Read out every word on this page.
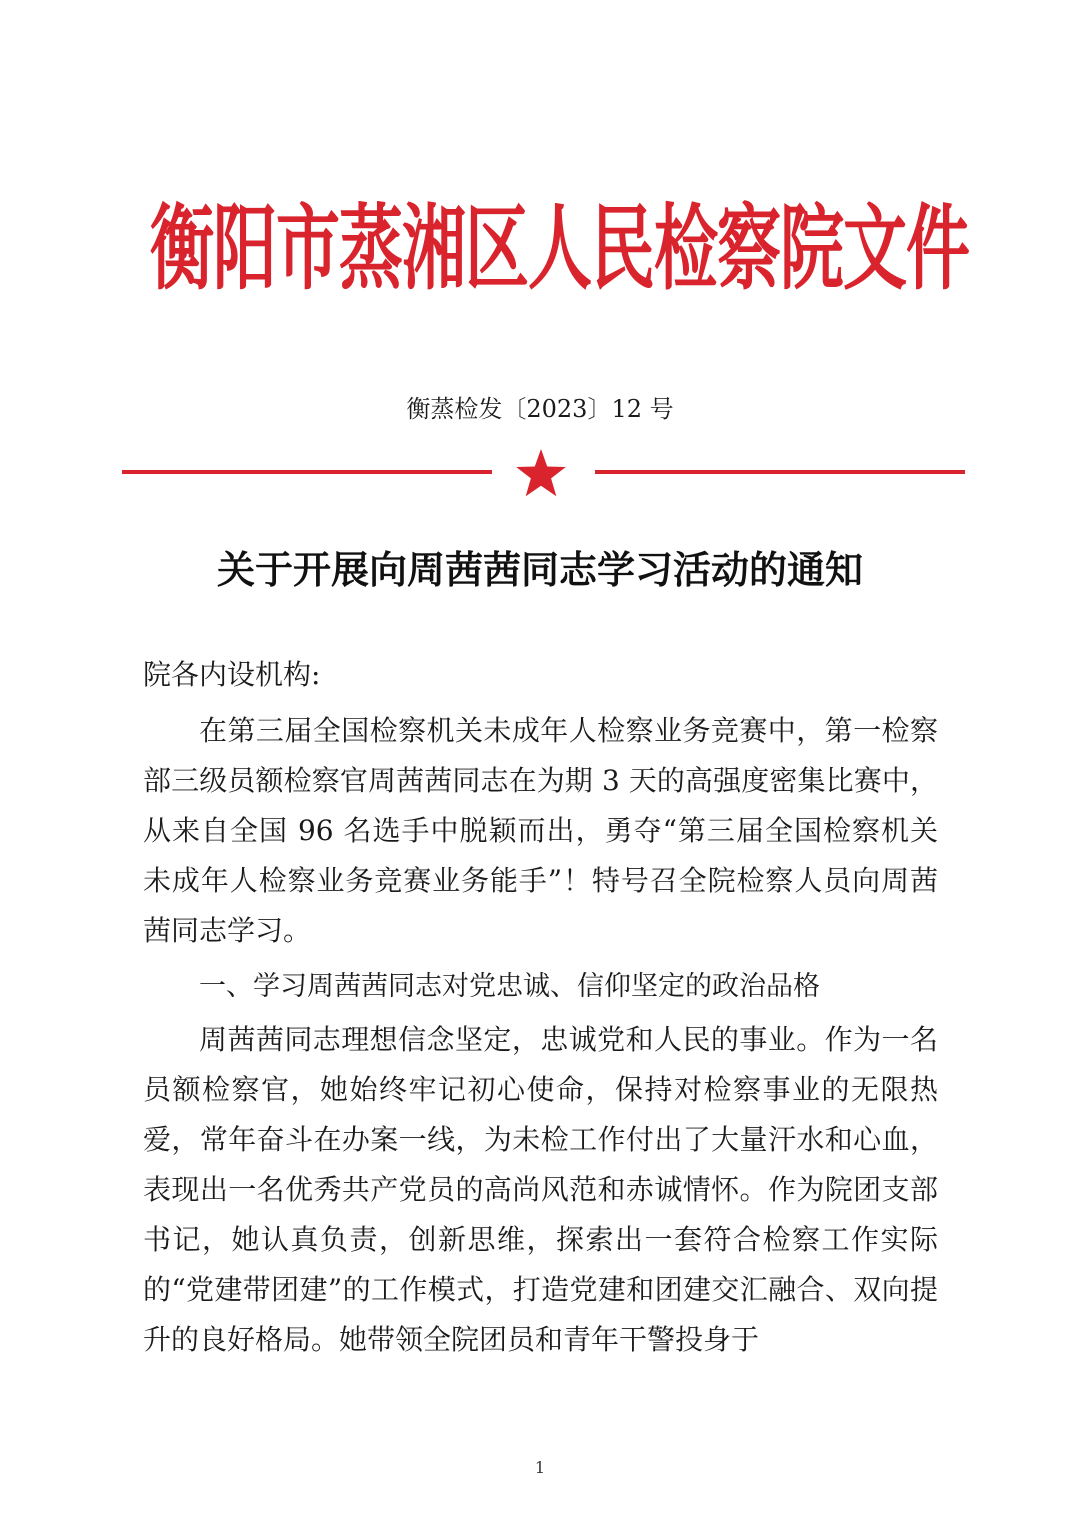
衡阳市蒸湘区人民检察院文件
衡蒸检发〔2023〕12 号
关于开展向周茜茜同志学习活动的通知
院各内设机构:

在第三届全国检察机关未成年人检察业务竞赛中，第一检察部三级员额检察官周茜茜同志在为期 3 天的高强度密集比赛中，从来自全国 96 名选手中脱颖而出，勇夺“第三届全国检察机关未成年人检察业务竞赛业务能手”！特号召全院检察人员向周茜茜同志学习。

一、学习周茜茜同志对党忠诚、信仰坚定的政治品格

周茜茜同志理想信念坚定，忠诚党和人民的事业。作为一名员额检察官，她始终牢记初心使命，保持对检察事业的无限热爱，常年奋斗在办案一线，为未检工作付出了大量汗水和心血，表现出一名优秀共产党员的高尚风范和赤诚情怀。作为院团支部书记，她认真负责，创新思维，探索出一套符合检察工作实际的“党建带团建”的工作模式，打造党建和团建交汇融合、双向提升的良好格局。她带领全院团员和青年干警投身于

1
